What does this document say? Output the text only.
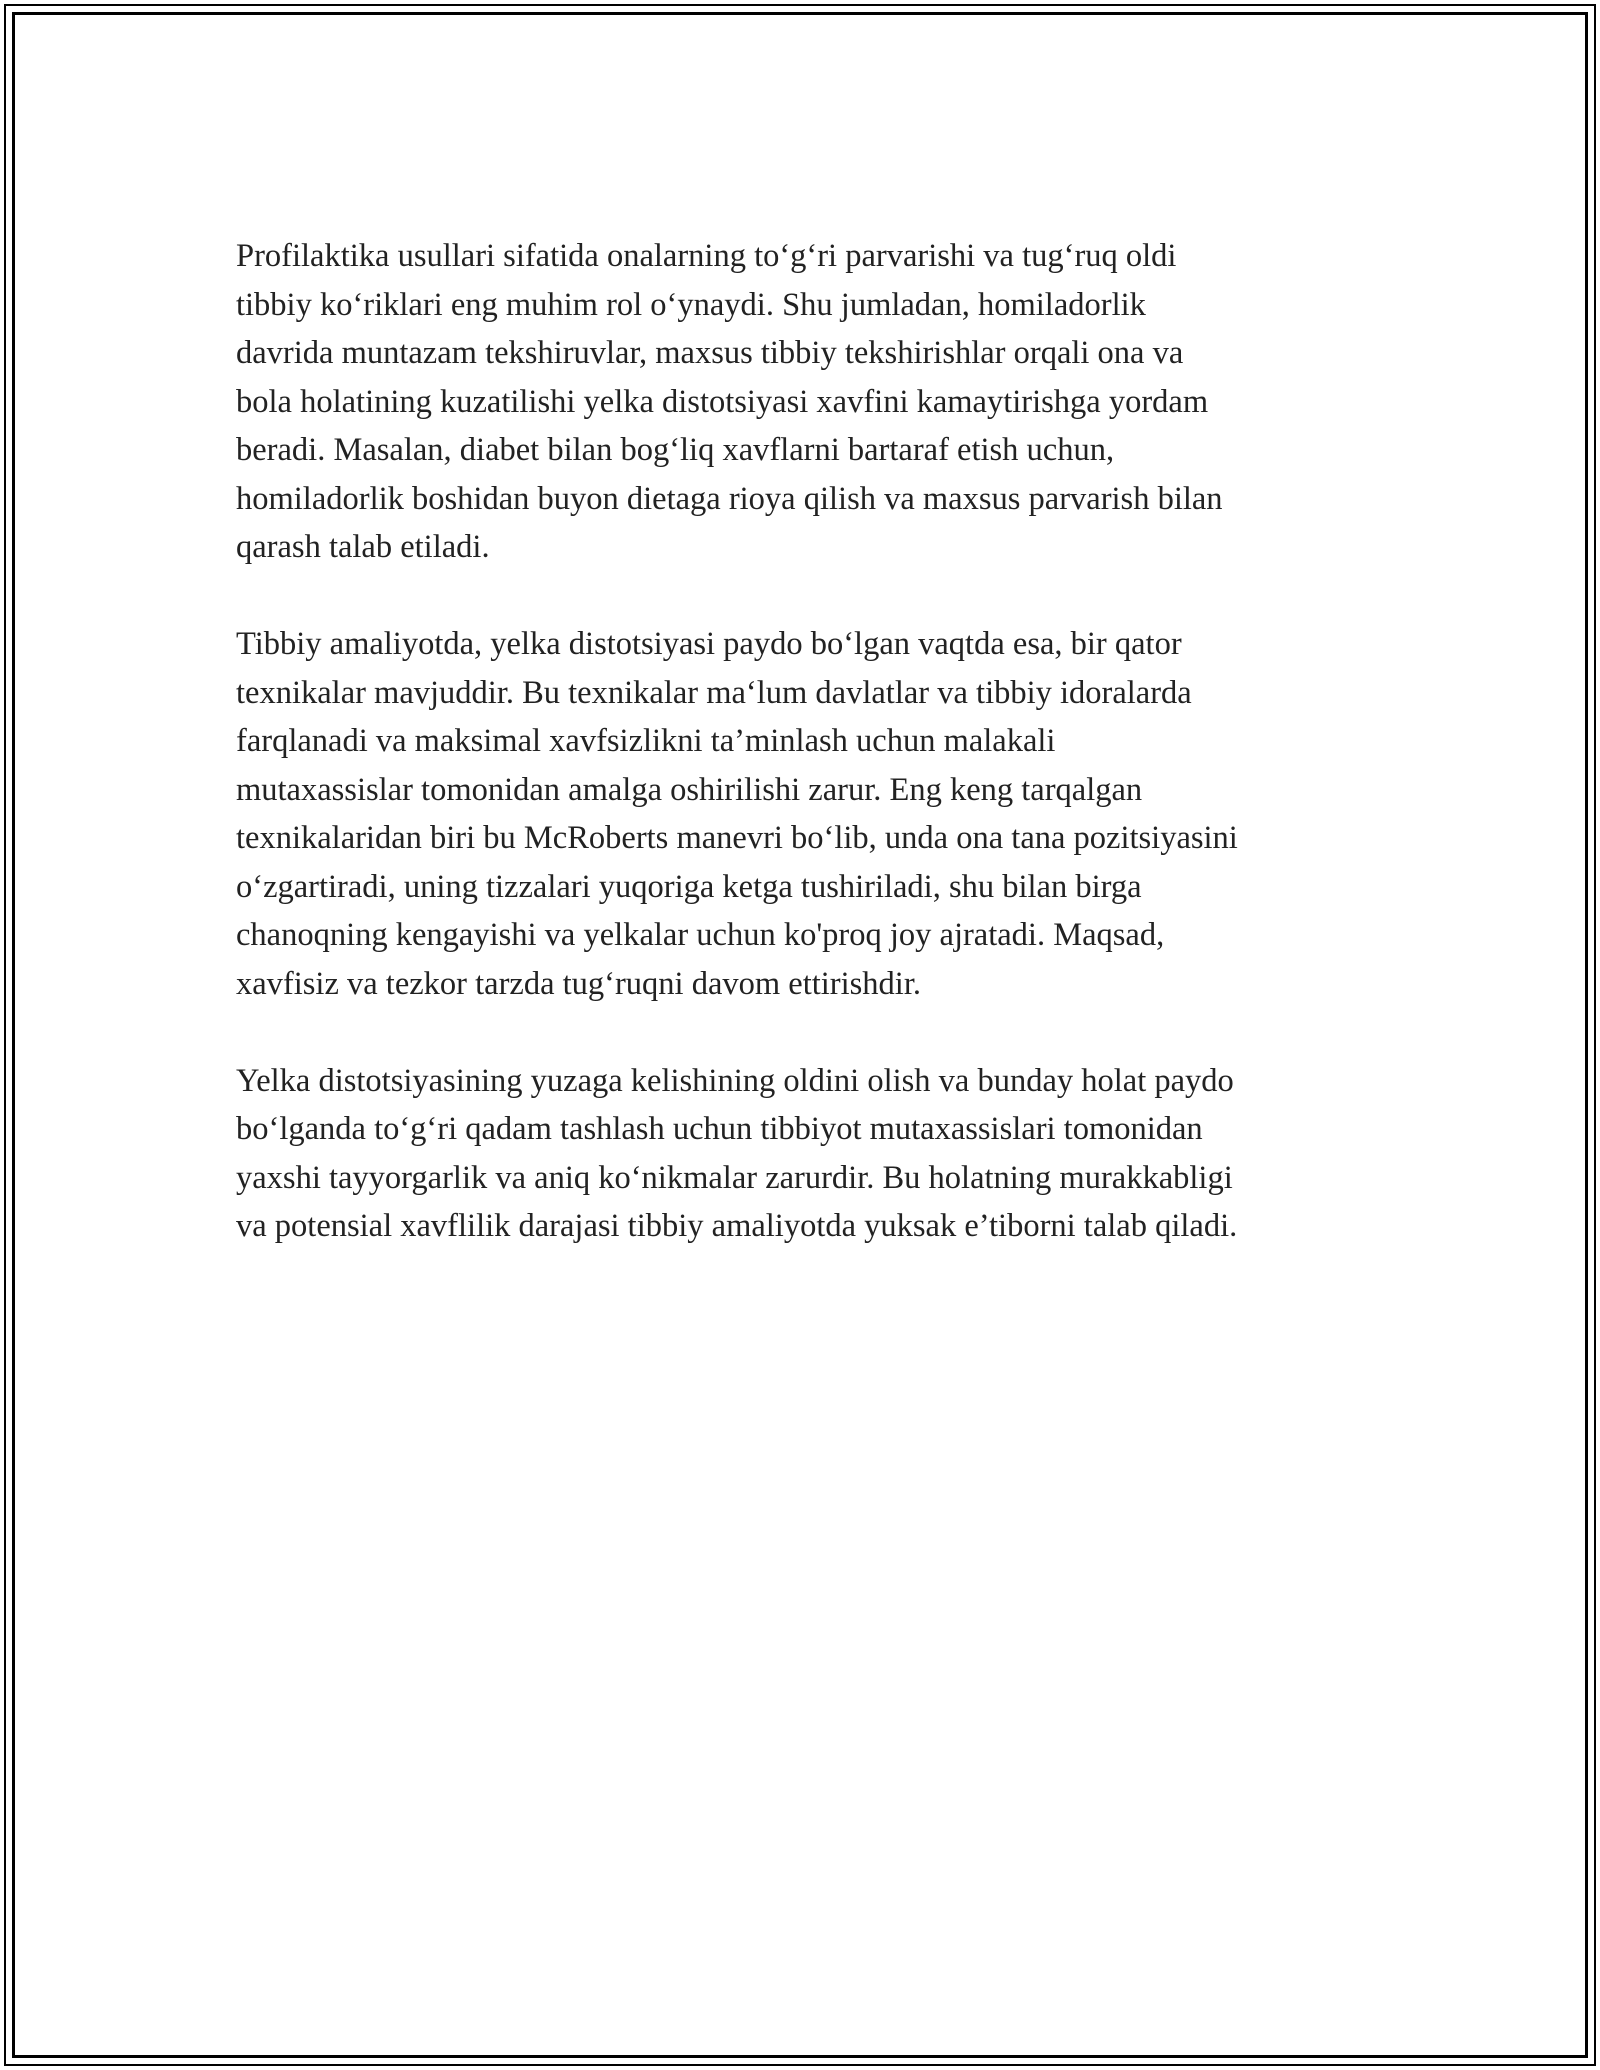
Profilaktika usullari sifatida onalarning to‘g‘ri parvarishi va tug‘ruq oldi
tibbiy ko‘riklari eng muhim rol o‘ynaydi. Shu jumladan, homiladorlik
davrida muntazam tekshiruvlar, maxsus tibbiy tekshirishlar orqali ona va
bola holatining kuzatilishi yelka distotsiyasi xavfini kamaytirishga yordam
beradi. Masalan, diabet bilan bog‘liq xavflarni bartaraf etish uchun,
homiladorlik boshidan buyon dietaga rioya qilish va maxsus parvarish bilan
qarash talab etiladi.

Tibbiy amaliyotda, yelka distotsiyasi paydo bo‘lgan vaqtda esa, bir qator
texnikalar mavjuddir. Bu texnikalar ma‘lum davlatlar va tibbiy idoralarda
farqlanadi va maksimal xavfsizlikni ta’minlash uchun malakali
mutaxassislar tomonidan amalga oshirilishi zarur. Eng keng tarqalgan
texnikalaridan biri bu McRoberts manevri bo‘lib, unda ona tana pozitsiyasini
o‘zgartiradi, uning tizzalari yuqoriga ketga tushiriladi, shu bilan birga
chanoqning kengayishi va yelkalar uchun ko'proq joy ajratadi. Maqsad,
xavfisiz va tezkor tarzda tug‘ruqni davom ettirishdir.

Yelka distotsiyasining yuzaga kelishining oldini olish va bunday holat paydo
bo‘lganda to‘g‘ri qadam tashlash uchun tibbiyot mutaxassislari tomonidan
yaxshi tayyorgarlik va aniq ko‘nikmalar zarurdir. Bu holatning murakkabligi
va potensial xavflilik darajasi tibbiy amaliyotda yuksak e’tiborni talab qiladi.
